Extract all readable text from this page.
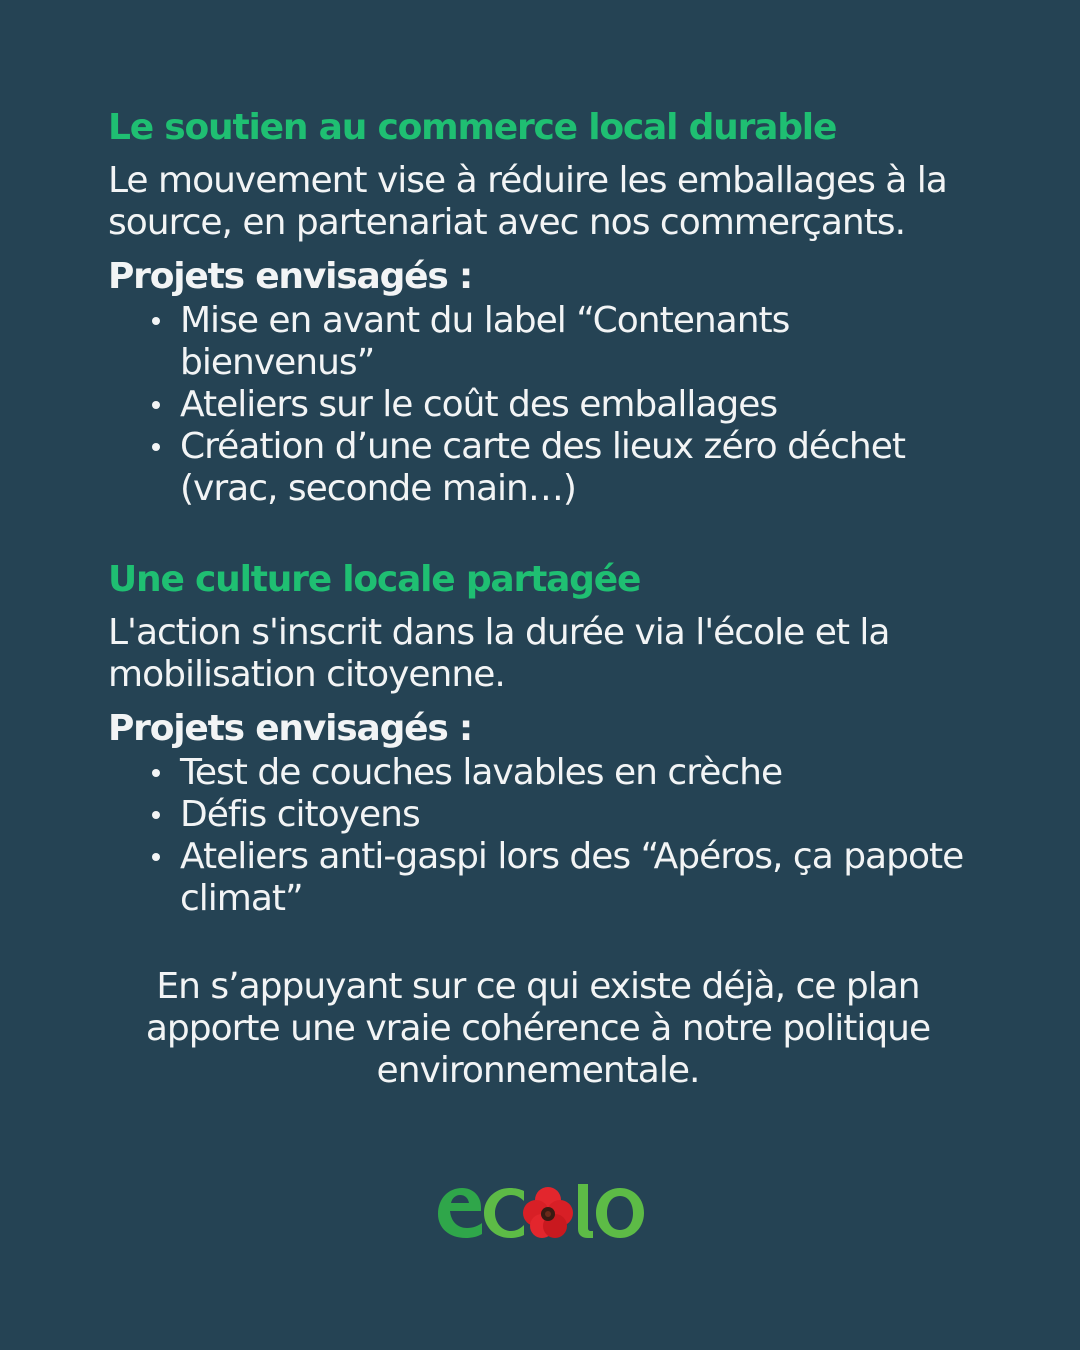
Le soutien au commerce local durable

Le mouvement vise à réduire les emballages à la source, en partenariat avec nos commerçants.

Projets envisagés :

Mise en avant du label “Contenants bienvenus”
Ateliers sur le coût des emballages
Création d’une carte des lieux zéro déchet (vrac, seconde main…)
Une culture locale partagée

L'action s'inscrit dans la durée via l'école et la mobilisation citoyenne.

Projets envisagés :

Test de couches lavables en crèche
Défis citoyens
Ateliers anti-gaspi lors des “Apéros, ça papote climat”

En s’appuyant sur ce qui existe déjà, ce plan apporte une vraie cohérence à notre politique environnementale.
